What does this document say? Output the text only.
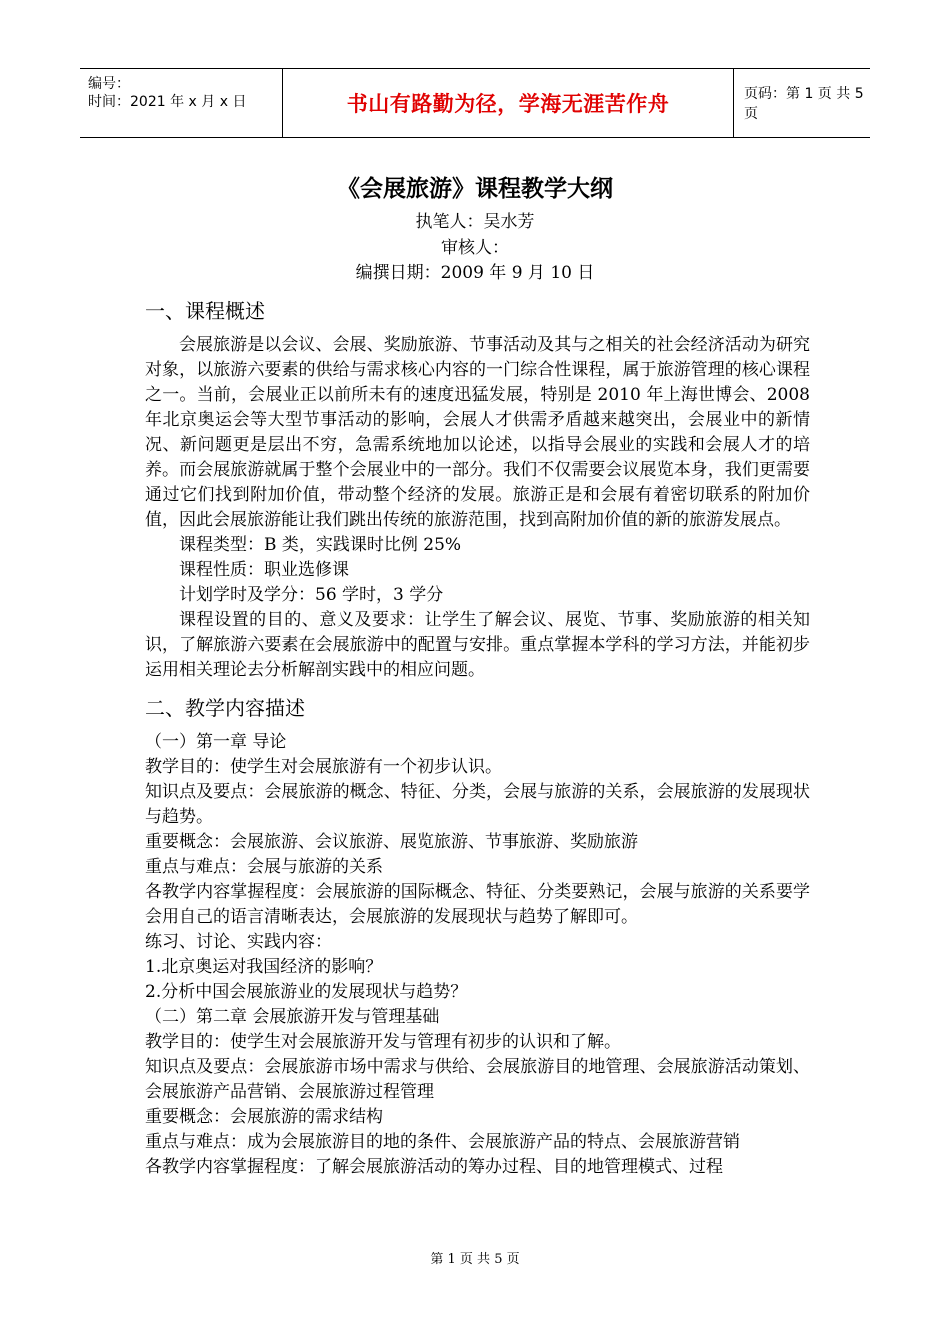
编号：
时间：2021 年 x 月 x 日	书山有路勤为径，学海无涯苦作舟	页码：第 1 页 共 5 页
《会展旅游》课程教学大纲
执笔人：吴水芳
审核人：
编撰日期：2009 年 9 月 10 日
一、课程概述

会展旅游是以会议、会展、奖励旅游、节事活动及其与之相关的社会经济活动为研究对象，以旅游六要素的供给与需求核心内容的一门综合性课程，属于旅游管理的核心课程之一。当前，会展业正以前所未有的速度迅猛发展，特别是 2010 年上海世博会、2008 年北京奥运会等大型节事活动的影响，会展人才供需矛盾越来越突出，会展业中的新情况、新问题更是层出不穷，急需系统地加以论述，以指导会展业的实践和会展人才的培养。而会展旅游就属于整个会展业中的一部分。我们不仅需要会议展览本身，我们更需要通过它们找到附加价值，带动整个经济的发展。旅游正是和会展有着密切联系的附加价值，因此会展旅游能让我们跳出传统的旅游范围，找到高附加价值的新的旅游发展点。

课程类型：B 类，实践课时比例 25%

课程性质：职业选修课

计划学时及学分：56 学时，3 学分

课程设置的目的、意义及要求：让学生了解会议、展览、节事、奖励旅游的相关知识，了解旅游六要素在会展旅游中的配置与安排。重点掌握本学科的学习方法，并能初步运用相关理论去分析解剖实践中的相应问题。

二、教学内容描述

（一）第一章 导论

教学目的：使学生对会展旅游有一个初步认识。

知识点及要点：会展旅游的概念、特征、分类，会展与旅游的关系，会展旅游的发展现状与趋势。

重要概念：会展旅游、会议旅游、展览旅游、节事旅游、奖励旅游

重点与难点：会展与旅游的关系

各教学内容掌握程度：会展旅游的国际概念、特征、分类要熟记，会展与旅游的关系要学会用自己的语言清晰表达，会展旅游的发展现状与趋势了解即可。

练习、讨论、实践内容：

1.北京奥运对我国经济的影响？

2.分析中国会展旅游业的发展现状与趋势？

（二）第二章 会展旅游开发与管理基础

教学目的：使学生对会展旅游开发与管理有初步的认识和了解。

知识点及要点：会展旅游市场中需求与供给、会展旅游目的地管理、会展旅游活动策划、会展旅游产品营销、会展旅游过程管理

重要概念：会展旅游的需求结构

重点与难点：成为会展旅游目的地的条件、会展旅游产品的特点、会展旅游营销

各教学内容掌握程度：了解会展旅游活动的筹办过程、目的地管理模式、过程

第 1 页 共 5 页
